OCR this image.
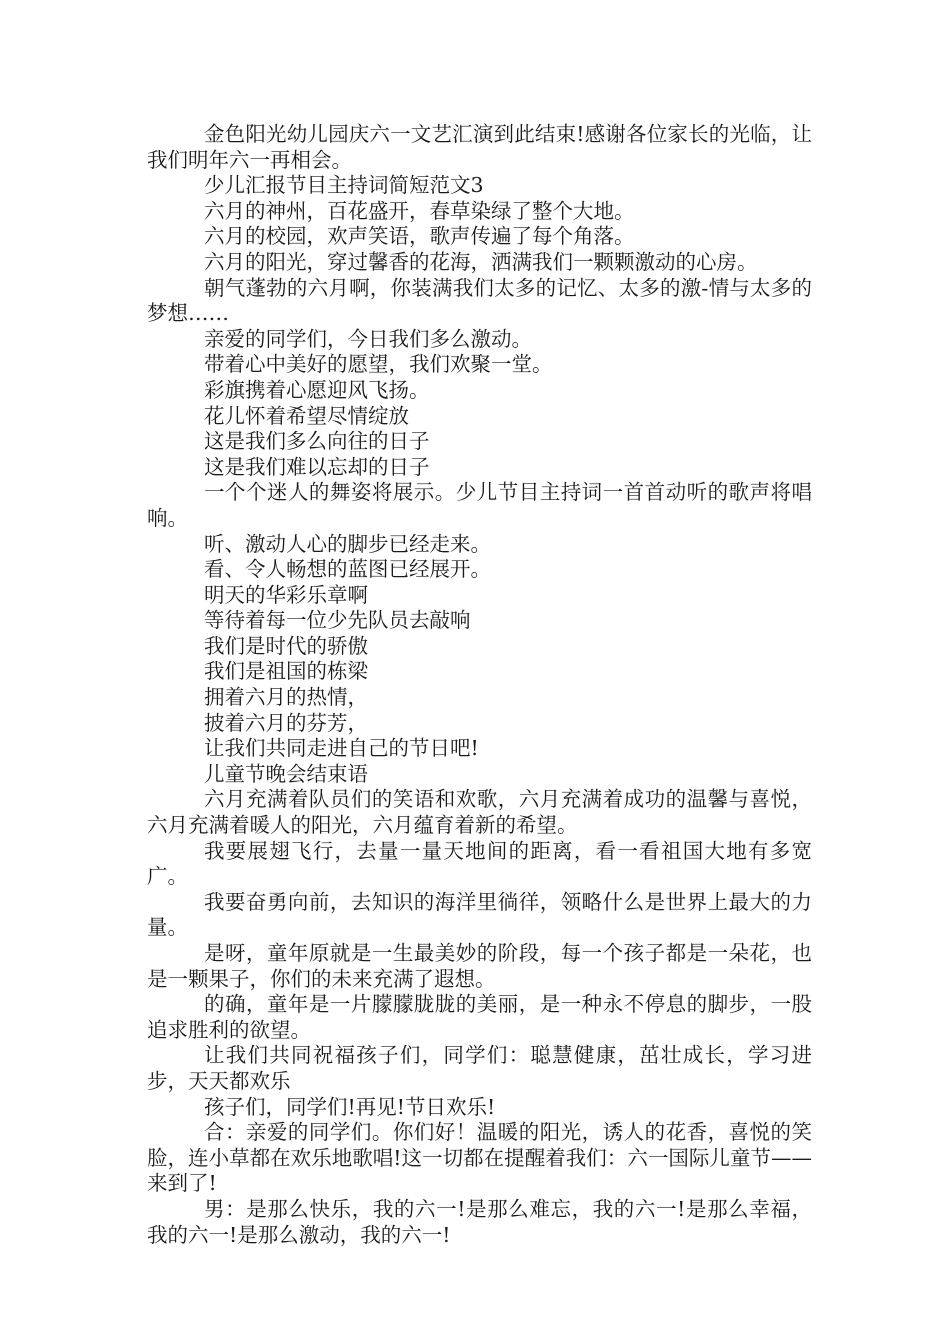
金色阳光幼儿园庆六一文艺汇演到此结束!感谢各位家长的光临，让我们明年六一再相会。

少儿汇报节目主持词简短范文3

六月的神州，百花盛开，春草染绿了整个大地。

六月的校园，欢声笑语，歌声传遍了每个角落。

六月的阳光，穿过馨香的花海，洒满我们一颗颗激动的心房。

朝气蓬勃的六月啊，你装满我们太多的记忆、太多的激-情与太多的梦想……

亲爱的同学们，今日我们多么激动。

带着心中美好的愿望，我们欢聚一堂。

彩旗携着心愿迎风飞扬。

花儿怀着希望尽情绽放

这是我们多么向往的日子

这是我们难以忘却的日子

一个个迷人的舞姿将展示。少儿节目主持词一首首动听的歌声将唱响。

听、激动人心的脚步已经走来。

看、令人畅想的蓝图已经展开。

明天的华彩乐章啊

等待着每一位少先队员去敲响

我们是时代的骄傲

我们是祖国的栋梁

拥着六月的热情，

披着六月的芬芳，

让我们共同走进自己的节日吧!

儿童节晚会结束语

六月充满着队员们的笑语和欢歌，六月充满着成功的温馨与喜悦，六月充满着暖人的阳光，六月蕴育着新的希望。

我要展翅飞行，去量一量天地间的距离，看一看祖国大地有多宽广。

我要奋勇向前，去知识的海洋里徜徉，领略什么是世界上最大的力量。

是呀，童年原就是一生最美妙的阶段，每一个孩子都是一朵花，也是一颗果子，你们的未来充满了遐想。

的确，童年是一片朦朦胧胧的美丽，是一种永不停息的脚步，一股追求胜利的欲望。

让我们共同祝福孩子们，同学们：聪慧健康，茁壮成长，学习进步，天天都欢乐

孩子们，同学们!再见!节日欢乐!

合：亲爱的同学们。你们好！温暖的阳光，诱人的花香，喜悦的笑脸，连小草都在欢乐地歌唱!这一切都在提醒着我们：六一国际儿童节——来到了!

男：是那么快乐，我的六一!是那么难忘，我的六一!是那么幸福，我的六一!是那么激动，我的六一!
